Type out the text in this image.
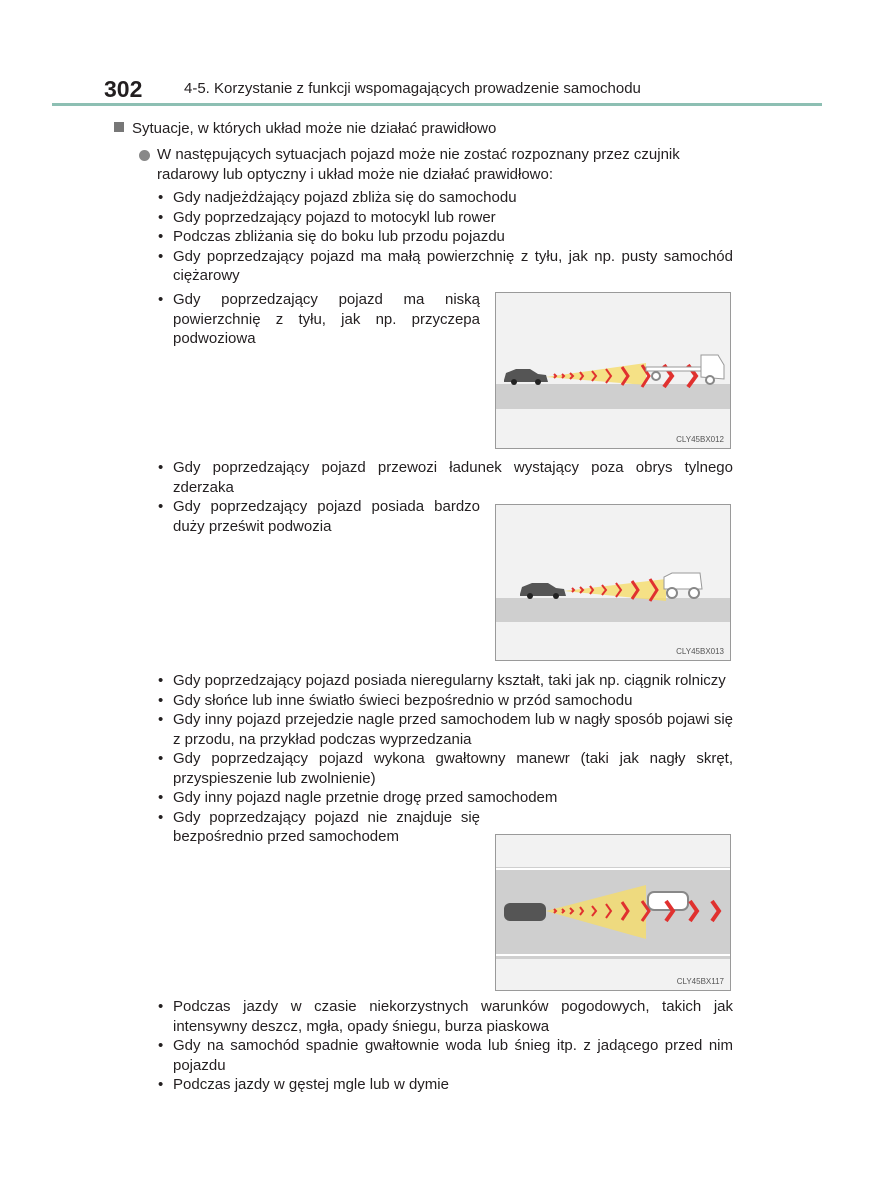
302	4-5. Korzystanie z funkcji wspomagających prowadzenie samochodu
Sytuacje, w których układ może nie działać prawidłowo
W następujących sytuacjach pojazd może nie zostać rozpoznany przez czujnik radarowy lub optyczny i układ może nie działać prawidłowo:
• Gdy nadjeżdżający pojazd zbliża się do samochodu
• Gdy poprzedzający pojazd to motocykl lub rower
• Podczas zbliżania się do boku lub przodu pojazdu
• Gdy poprzedzający pojazd ma małą powierzchnię z tyłu, jak np. pusty samochód ciężarowy
• Gdy poprzedzający pojazd ma niską powierzchnię z tyłu, jak np. przyczepa podwoziowa
CLY45BX012
• Gdy poprzedzający pojazd przewozi ładunek wystający poza obrys tylnego zderzaka
• Gdy poprzedzający pojazd posiada bardzo duży prześwit podwozia
CLY45BX013
• Gdy poprzedzający pojazd posiada nieregularny kształt, taki jak np. ciągnik rolniczy
• Gdy słońce lub inne światło świeci bezpośrednio w przód samochodu
• Gdy inny pojazd przejedzie nagle przed samochodem lub w nagły sposób pojawi się z przodu, na przykład podczas wyprzedzania
• Gdy poprzedzający pojazd wykona gwałtowny manewr (taki jak nagły skręt, przyspieszenie lub zwolnienie)
• Gdy inny pojazd nagle przetnie drogę przed samochodem
• Gdy poprzedzający pojazd nie znajduje się bezpośrednio przed samochodem
CLY45BX117
• Podczas jazdy w czasie niekorzystnych warunków pogodowych, takich jak intensywny deszcz, mgła, opady śniegu, burza piaskowa
• Gdy na samochód spadnie gwałtownie woda lub śnieg itp. z jadącego przed nim pojazdu
• Podczas jazdy w gęstej mgle lub w dymie
